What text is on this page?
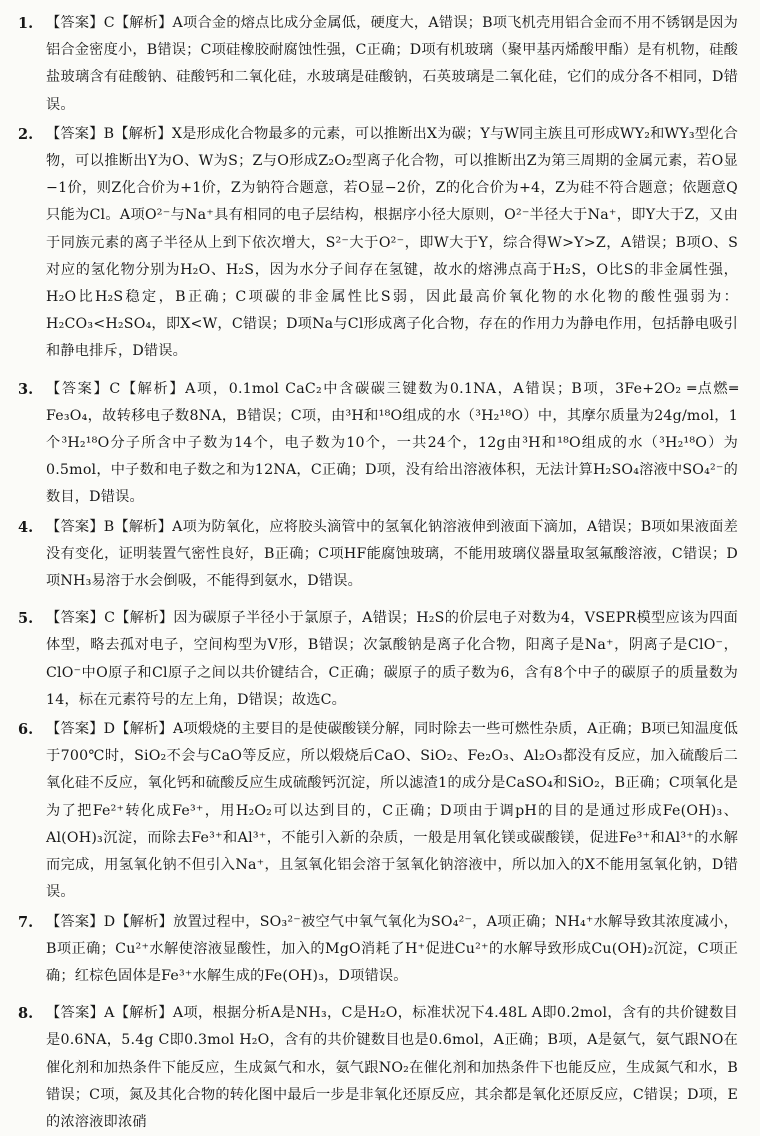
1. 【答案】C【解析】A项合金的熔点比成分金属低，硬度大，A错误；B项飞机壳用铝合金而不用不锈钢是因为铝合金密度小，B错误；C项硅橡胶耐腐蚀性强，C正确；D项有机玻璃（聚甲基丙烯酸甲酯）是有机物，硅酸盐玻璃含有硅酸钠、硅酸钙和二氧化硅，水玻璃是硅酸钠，石英玻璃是二氧化硅，它们的成分各不相同，D错误。
2. 【答案】B【解析】X是形成化合物最多的元素，可以推断出X为碳；Y与W同主族且可形成WY₂和WY₃型化合物，可以推断出Y为O、W为S；Z与O形成Z₂O₂型离子化合物，可以推断出Z为第三周期的金属元素，若O显−1价，则Z化合价为+1价，Z为钠符合题意，若O显−2价，Z的化合价为+4，Z为硅不符合题意；依题意Q只能为Cl。A项O²⁻与Na⁺具有相同的电子层结构，根据序小径大原则，O²⁻半径大于Na⁺，即Y大于Z，又由于同族元素的离子半径从上到下依次增大，S²⁻大于O²⁻，即W大于Y，综合得W>Y>Z，A错误；B项O、S对应的氢化物分别为H₂O、H₂S，因为水分子间存在氢键，故水的熔沸点高于H₂S，O比S的非金属性强，H₂O比H₂S稳定，B正确；C项碳的非金属性比S弱，因此最高价氧化物的水化物的酸性强弱为：H₂CO₃<H₂SO₄，即X<W，C错误；D项Na与Cl形成离子化合物，存在的作用力为静电作用，包括静电吸引和静电排斥，D错误。
3. 【答案】C【解析】A项，0.1mol CaC₂中含碳碳三键数为0.1NA，A错误；B项，3Fe+2O₂ ═点燃═ Fe₃O₄，故转移电子数8NA，B错误；C项，由³H和¹⁸O组成的水（³H₂¹⁸O）中，其摩尔质量为24g/mol，1个³H₂¹⁸O分子所含中子数为14个，电子数为10个，一共24个，12g由³H和¹⁸O组成的水（³H₂¹⁸O）为0.5mol，中子数和电子数之和为12NA，C正确；D项，没有给出溶液体积，无法计算H₂SO₄溶液中SO₄²⁻的数目，D错误。
4. 【答案】B【解析】A项为防氧化，应将胶头滴管中的氢氧化钠溶液伸到液面下滴加，A错误；B项如果液面差没有变化，证明装置气密性良好，B正确；C项HF能腐蚀玻璃，不能用玻璃仪器量取氢氟酸溶液，C错误；D项NH₃易溶于水会倒吸，不能得到氨水，D错误。
5. 【答案】C【解析】因为碳原子半径小于氯原子，A错误；H₂S的价层电子对数为4，VSEPR模型应该为四面体型，略去孤对电子，空间构型为V形，B错误；次氯酸钠是离子化合物，阳离子是Na⁺，阴离子是ClO⁻，ClO⁻中O原子和Cl原子之间以共价键结合，C正确；碳原子的质子数为6，含有8个中子的碳原子的质量数为14，标在元素符号的左上角，D错误；故选C。
6. 【答案】D【解析】A项煅烧的主要目的是使碳酸镁分解，同时除去一些可燃性杂质，A正确；B项已知温度低于700℃时，SiO₂不会与CaO等反应，所以煅烧后CaO、SiO₂、Fe₂O₃、Al₂O₃都没有反应，加入硫酸后二氧化硅不反应，氧化钙和硫酸反应生成硫酸钙沉淀，所以滤渣1的成分是CaSO₄和SiO₂，B正确；C项氧化是为了把Fe²⁺转化成Fe³⁺，用H₂O₂可以达到目的，C正确；D项由于调pH的目的是通过形成Fe(OH)₃、Al(OH)₃沉淀，而除去Fe³⁺和Al³⁺，不能引入新的杂质，一般是用氧化镁或碳酸镁，促进Fe³⁺和Al³⁺的水解而完成，用氢氧化钠不但引入Na⁺，且氢氧化铝会溶于氢氧化钠溶液中，所以加入的X不能用氢氧化钠，D错误。
7. 【答案】D【解析】放置过程中，SO₃²⁻被空气中氧气氧化为SO₄²⁻，A项正确；NH₄⁺水解导致其浓度减小，B项正确；Cu²⁺水解使溶液显酸性，加入的MgO消耗了H⁺促进Cu²⁺的水解导致形成Cu(OH)₂沉淀，C项正确；红棕色固体是Fe³⁺水解生成的Fe(OH)₃，D项错误。
8. 【答案】A【解析】A项，根据分析A是NH₃，C是H₂O，标准状况下4.48L A即0.2mol，含有的共价键数目是0.6NA，5.4g C即0.3mol H₂O，含有的共价键数目也是0.6mol，A正确；B项，A是氨气，氨气跟NO在催化剂和加热条件下能反应，生成氮气和水，氨气跟NO₂在催化剂和加热条件下也能反应，生成氮气和水，B错误；C项，氮及其化合物的转化图中最后一步是非氧化还原反应，其余都是氧化还原反应，C错误；D项，E的浓溶液即浓硝
